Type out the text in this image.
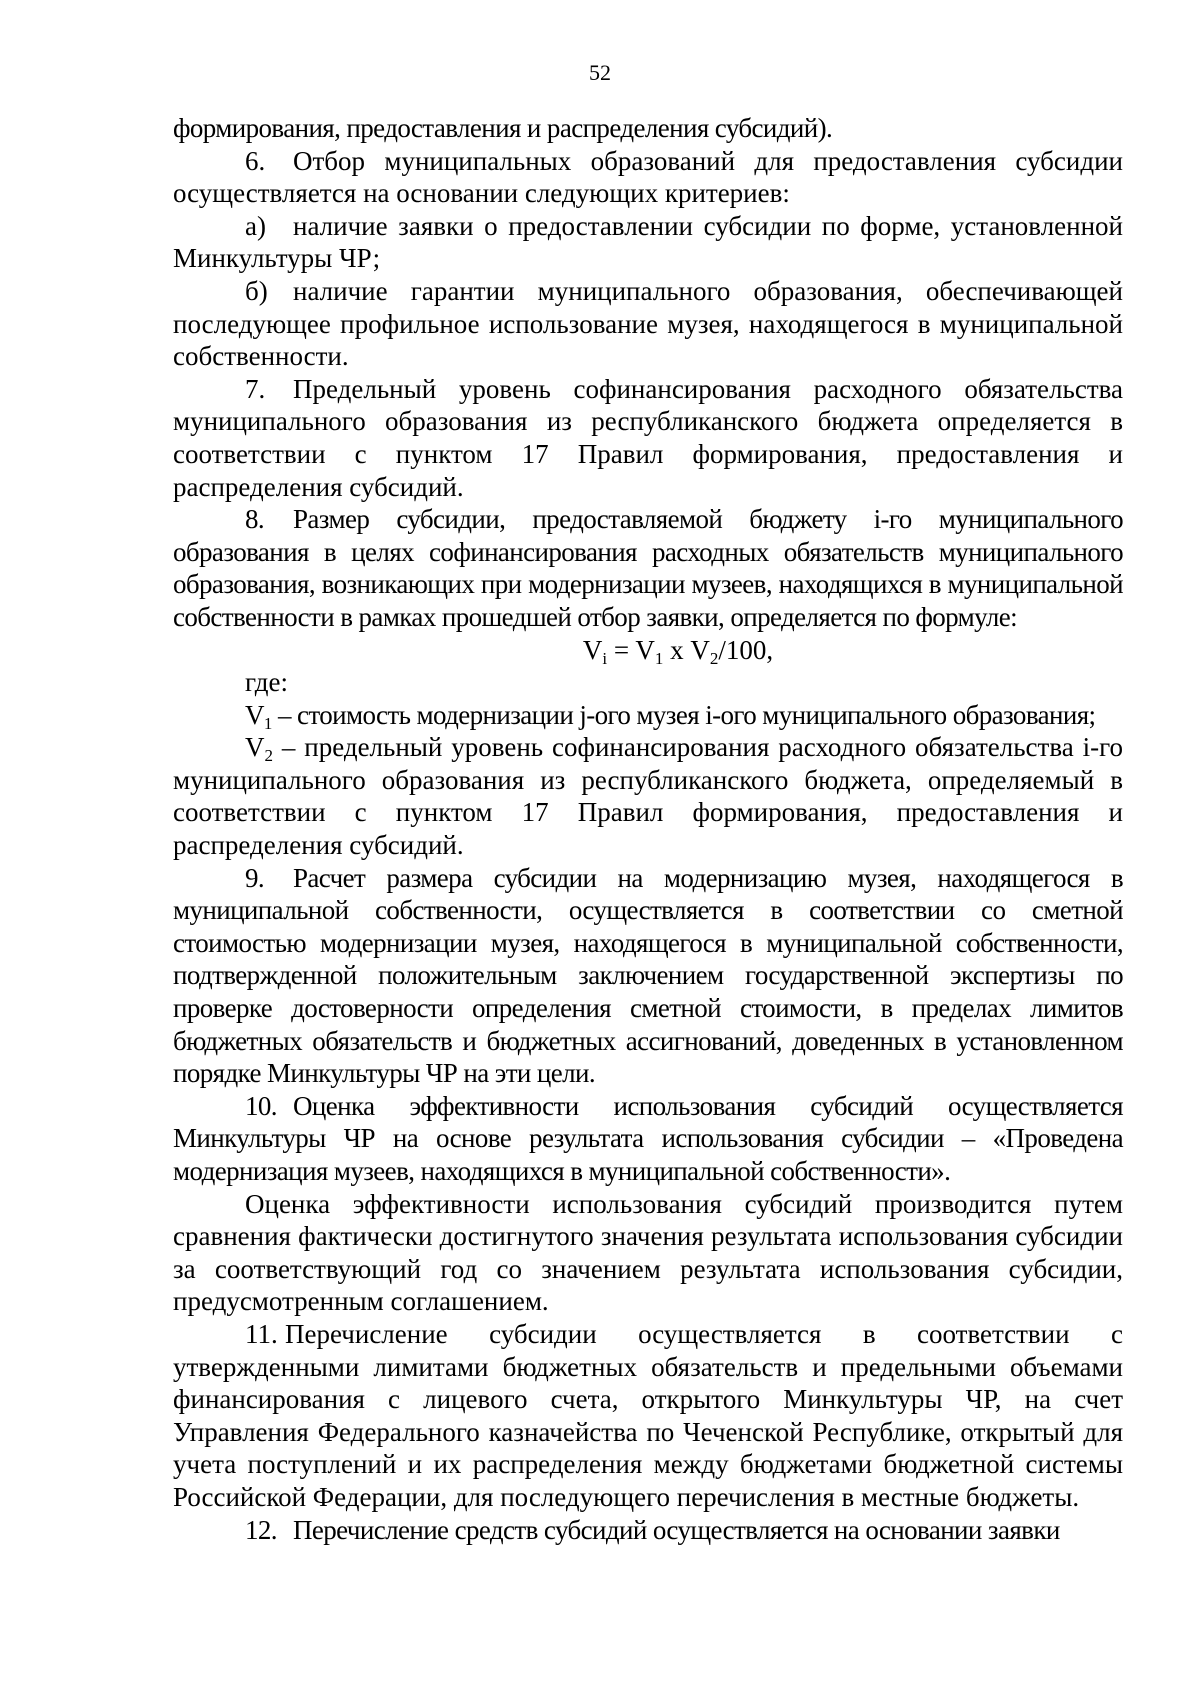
52

формирования, предоставления и распределения субсидий).

6. Отбор муниципальных образований для предоставления субсидии осуществляется на основании следующих критериев:

а) наличие заявки о предоставлении субсидии по форме, установленной Минкультуры ЧР;

б) наличие гарантии муниципального образования, обеспечивающей последующее профильное использование музея, находящегося в муниципальной собственности.

7. Предельный уровень софинансирования расходного обязательства муниципального образования из республиканского бюджета определяется в соответствии с пунктом 17 Правил формирования, предоставления и распределения субсидий.

8. Размер субсидии, предоставляемой бюджету i-го муниципального образования в целях софинансирования расходных обязательств муниципального образования, возникающих при модернизации музеев, находящихся в муниципальной собственности в рамках прошедшей отбор заявки, определяется по формуле:

$V_i = V_1$ х $V_2/100$,

где:

$V_1$ – стоимость модернизации j-ого музея i-ого муниципального образования;

$V_2$ – предельный уровень софинансирования расходного обязательства i-го муниципального образования из республиканского бюджета, определяемый в соответствии с пунктом 17 Правил формирования, предоставления и распределения субсидий.

9. Расчет размера субсидии на модернизацию музея, находящегося в муниципальной собственности, осуществляется в соответствии со сметной стоимостью модернизации музея, находящегося в муниципальной собственности, подтвержденной положительным заключением государственной экспертизы по проверке достоверности определения сметной стоимости, в пределах лимитов бюджетных обязательств и бюджетных ассигнований, доведенных в установленном порядке Минкультуры ЧР на эти цели.

10. Оценка эффективности использования субсидий осуществляется Минкультуры ЧР на основе результата использования субсидии – «Проведена модернизация музеев, находящихся в муниципальной собственности».

Оценка эффективности использования субсидий производится путем сравнения фактически достигнутого значения результата использования субсидии за соответствующий год со значением результата использования субсидии, предусмотренным соглашением.

11. Перечисление субсидии осуществляется в соответствии с утвержденными лимитами бюджетных обязательств и предельными объемами финансирования с лицевого счета, открытого Минкультуры ЧР, на счет Управления Федерального казначейства по Чеченской Республике, открытый для учета поступлений и их распределения между бюджетами бюджетной системы Российской Федерации, для последующего перечисления в местные бюджеты.

12. Перечисление средств субсидий осуществляется на основании заявки
